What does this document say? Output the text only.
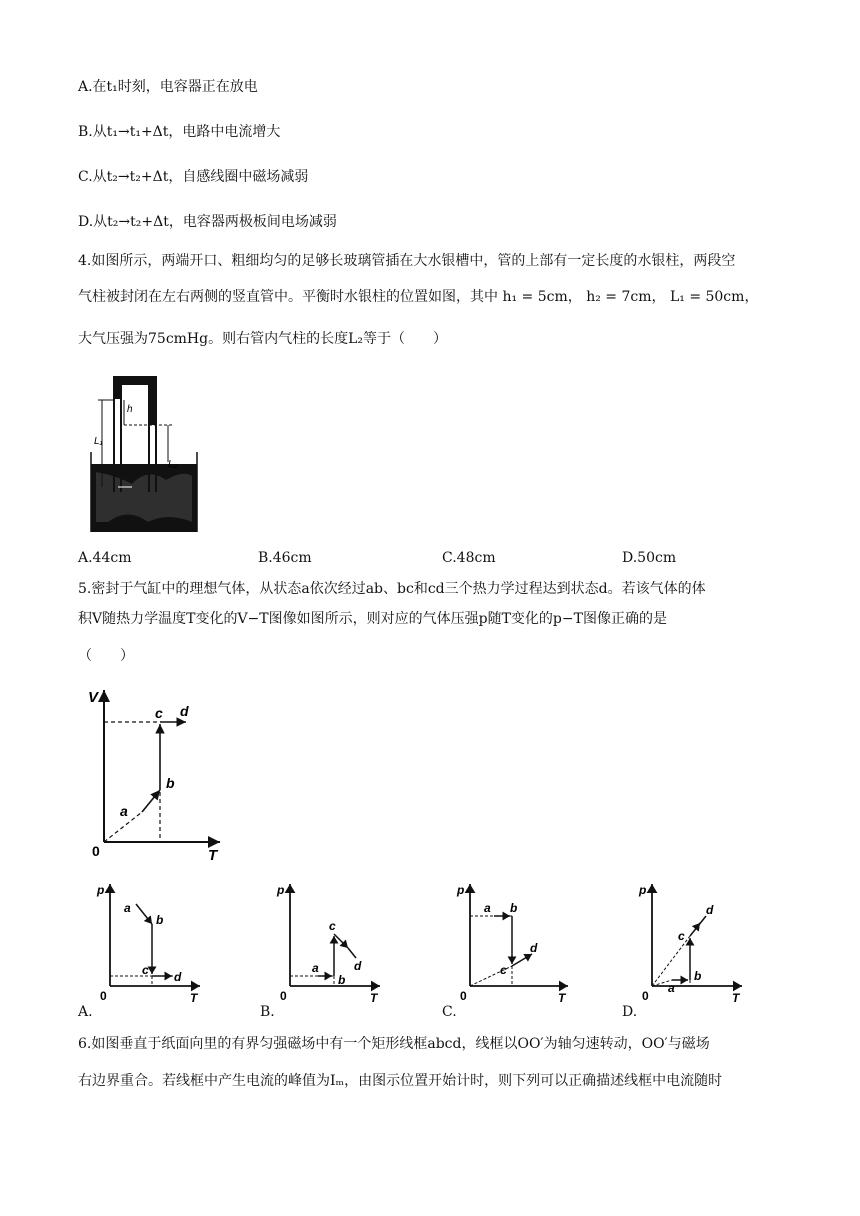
A.在t₁时刻，电容器正在放电
B.从t₁→t₁+Δt，电路中电流增大
C.从t₂→t₂+Δt，自感线圈中磁场减弱
D.从t₂→t₂+Δt，电容器两极板间电场减弱
4.如图所示，两端开口、粗细均匀的足够长玻璃管插在大水银槽中，管的上部有一定长度的水银柱，两段空
气柱被封闭在左右两侧的竖直管中。平衡时水银柱的位置如图，其中 h₁ = 5cm， h₂ = 7cm， L₁ = 50cm，
大气压强为75cmHg。则右管内气柱的长度L₂等于（　　）
h
L₁
L₂
A.44cm	B.46cm	C.48cm	D.50cm
5.密封于气缸中的理想气体，从状态a依次经过ab、bc和cd三个热力学过程达到状态d。若该气体的体
积V随热力学温度T变化的V−T图像如图所示，则对应的气体压强p随T变化的p−T图像正确的是
（　　）
V
T
0
a
b
c d
p
T
0
a
b
c d
p
T
0
a
b
c
d
p
T
0
a b
c
d
p
T
0
a
b
c
d
A.	B.	C.	D.
6.如图垂直于纸面向里的有界匀强磁场中有一个矩形线框abcd，线框以OO′为轴匀速转动，OO′与磁场
右边界重合。若线框中产生电流的峰值为Iₘ，由图示位置开始计时，则下列可以正确描述线框中电流随时
